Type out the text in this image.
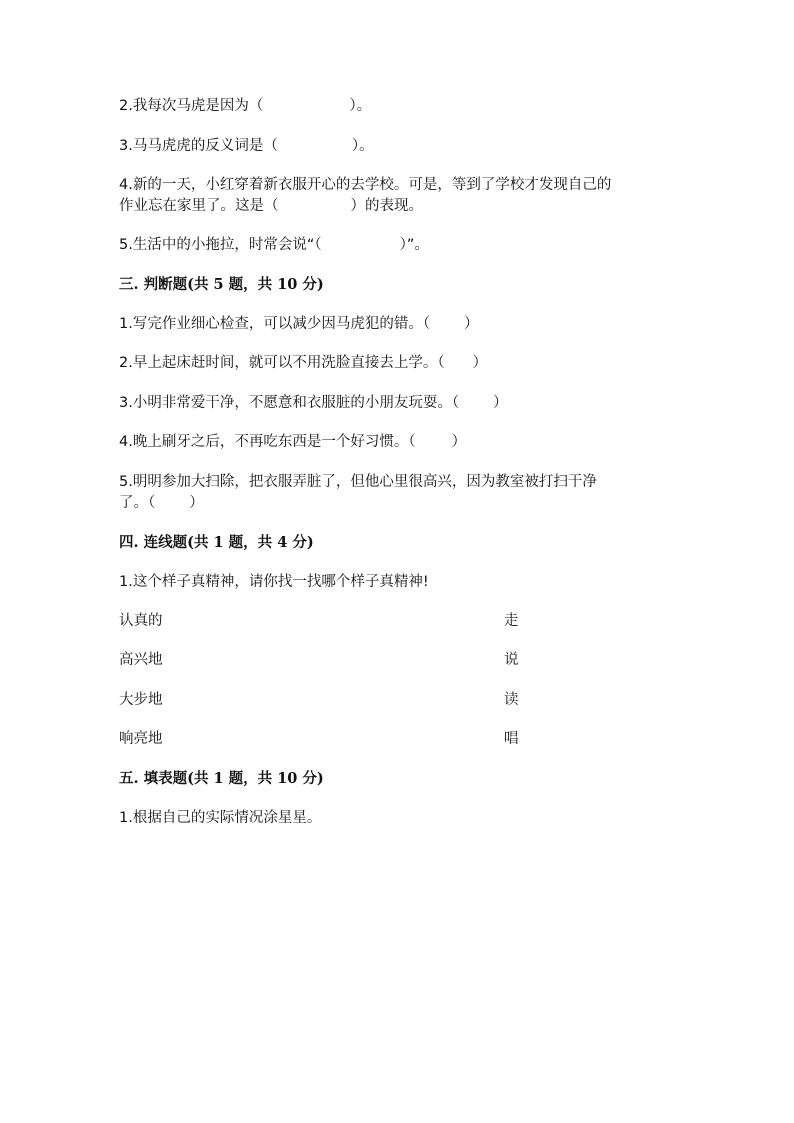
2.我每次马虎是因为（	）。
3.马马虎虎的反义词是（	）。
4.新的一天，小红穿着新衣服开心的去学校。可是，等到了学校才发现自己的
作业忘在家里了。这是（	）的表现。
5.生活中的小拖拉，时常会说“（	）”。
三. 判断题(共 5 题，共 10 分)
1.写完作业细心检查，可以减少因马虎犯的错。（ ）
2.早上起床赶时间，就可以不用洗脸直接去上学。（ ）
3.小明非常爱干净，不愿意和衣服脏的小朋友玩耍。（ ）
4.晚上刷牙之后，不再吃东西是一个好习惯。（ ）
5.明明参加大扫除，把衣服弄脏了，但他心里很高兴，因为教室被打扫干净
了。（ ）
四. 连线题(共 1 题，共 4 分)
1.这个样子真精神，请你找一找哪个样子真精神!
认真的	走
高兴地	说
大步地	读
响亮地	唱
五. 填表题(共 1 题，共 10 分)
1.根据自己的实际情况涂星星。
